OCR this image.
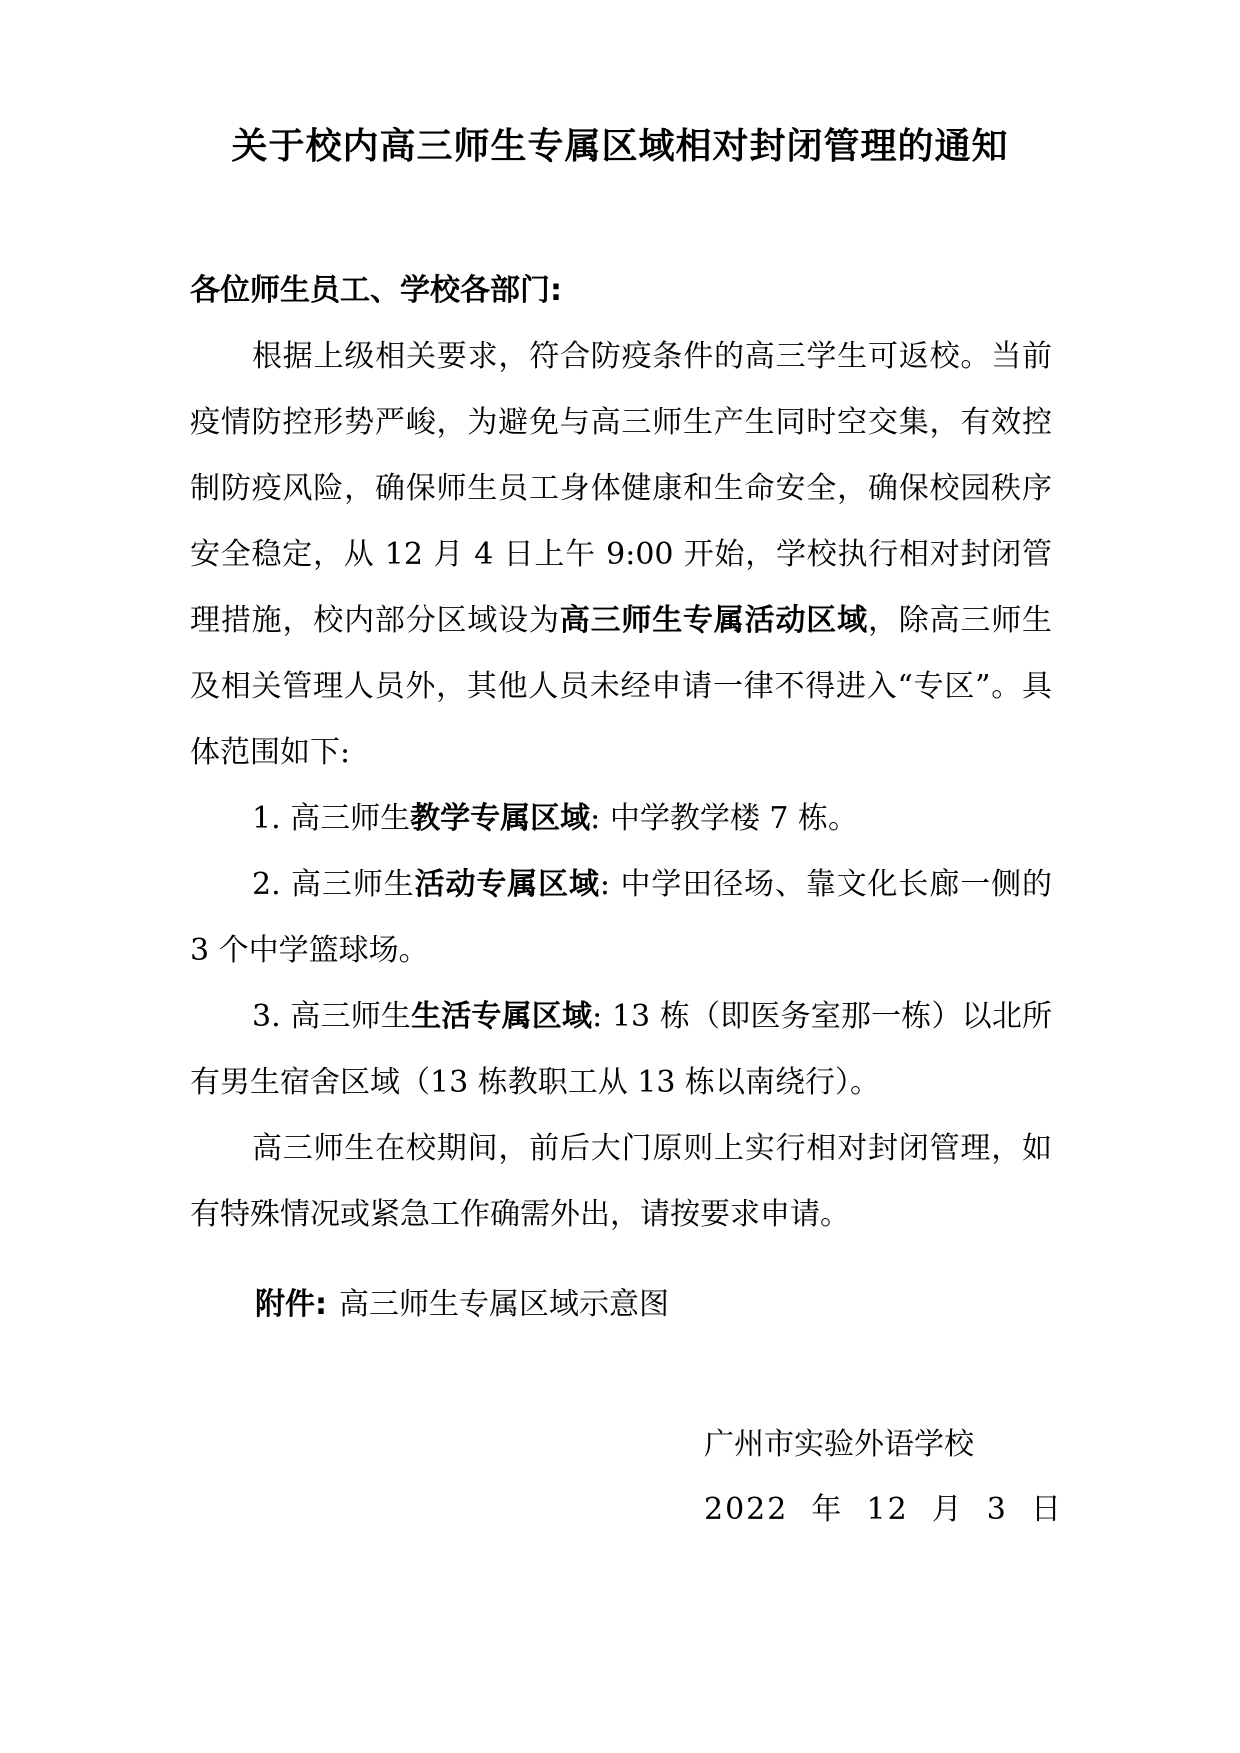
关于校内高三师生专属区域相对封闭管理的通知

各位师生员工、学校各部门:

根据上级相关要求，符合防疫条件的高三学生可返校。当前疫情防控形势严峻，为避免与高三师生产生同时空交集，有效控制防疫风险，确保师生员工身体健康和生命安全，确保校园秩序安全稳定，从 12 月 4 日上午 9:00 开始，学校执行相对封闭管理措施，校内部分区域设为高三师生专属活动区域，除高三师生及相关管理人员外，其他人员未经申请一律不得进入“专区”。具体范围如下:

1. 高三师生教学专属区域: 中学教学楼 7 栋。

2. 高三师生活动专属区域: 中学田径场、靠文化长廊一侧的 3 个中学篮球场。

3. 高三师生生活专属区域: 13 栋（即医务室那一栋）以北所有男生宿舍区域（13 栋教职工从 13 栋以南绕行）。

高三师生在校期间，前后大门原则上实行相对封闭管理，如有特殊情况或紧急工作确需外出，请按要求申请。

附件: 高三师生专属区域示意图
广州市实验外语学校
2022  年  12  月  3  日
